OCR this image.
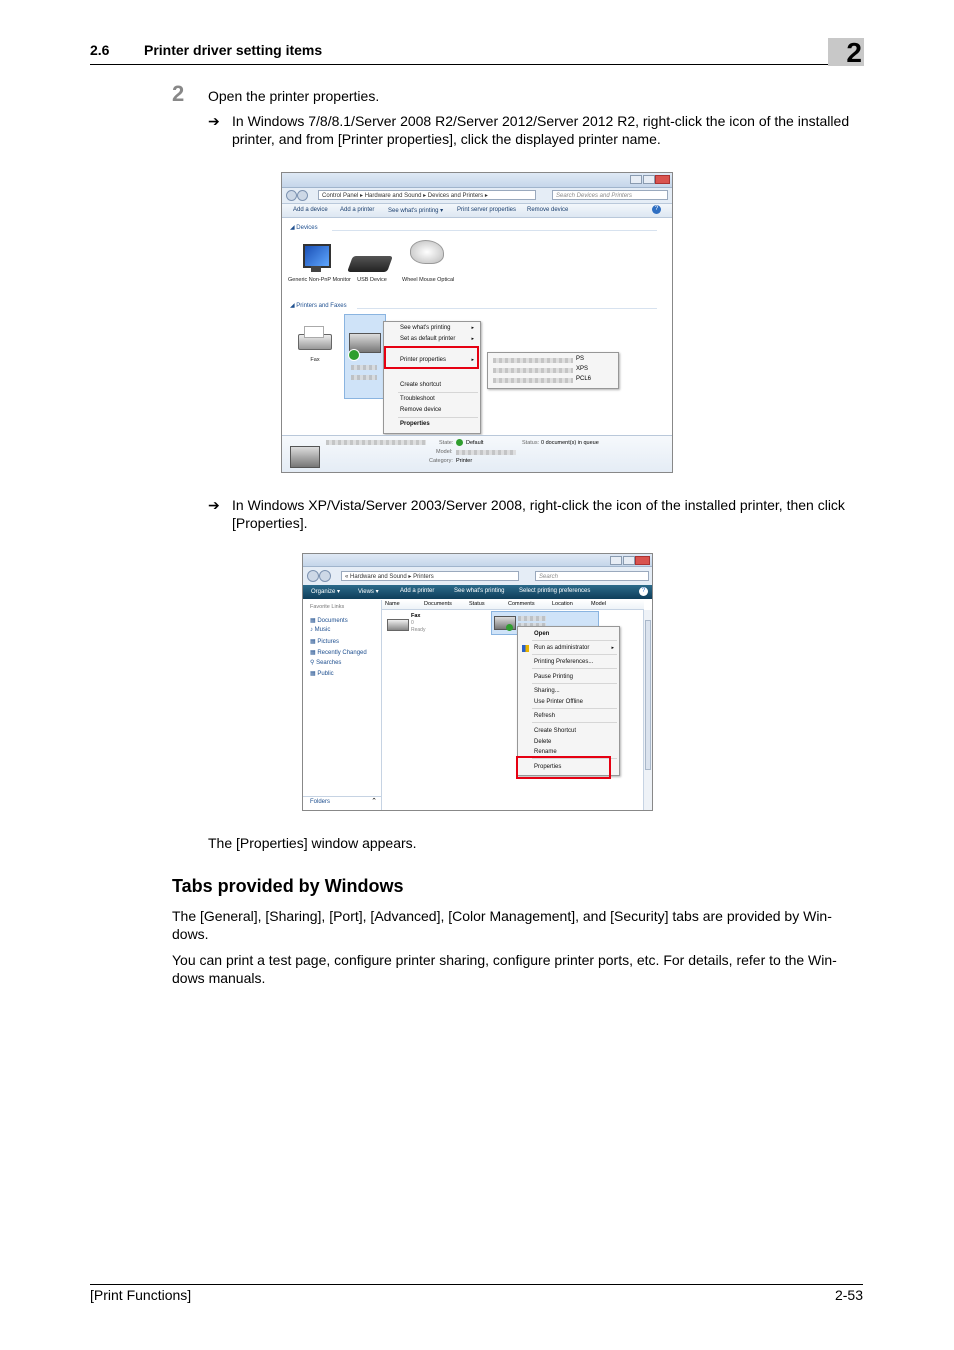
2.6 Printer driver setting items	2
2 Open the printer properties.
➔ In Windows 7/8/8.1/Server 2008 R2/Server 2012/Server 2012 R2, right-click the icon of the installed printer, and from [Printer properties], click the displayed printer name.
Control Panel ▸ Hardware and Sound ▸ Devices and Printers ▸	Search Devices and Printers
Add a device Add a printer See what's printing ▾ Print server properties Remove device	?
◢ Devices
Generic Non-PnP Monitor	USB Device	Wheel Mouse Optical
◢ Printers and Faxes
Fax
See what's printing	▸
Set as default printer	▸
Printer properties	▸
Create shortcut
Troubleshoot
Remove device
Properties
PS
XPS
PCL6
State: Default	Status: 0 document(s) in queue
Model:
Category: Printer
➔ In Windows XP/Vista/Server 2003/Server 2008, right-click the icon of the installed printer, then click [Properties].
« Hardware and Sound ▸ Printers	Search
Organize ▾	Views ▾	Add a printer	See what's printing Select printing preferences	?
Favorite Links
▦ Documents
♪ Music
▦ Pictures
▦ Recently Changed
⚲ Searches
▦ Public
Folders	⌃
Name	Documents	Status	Comments	Location	Model
Fax
0
Ready
Open
Run as administrator	▸
Printing Preferences...
Pause Printing
Sharing...
Use Printer Offline
Refresh
Create Shortcut
Delete
Rename
Properties
The [Properties] window appears.
Tabs provided by Windows
The [General], [Sharing], [Port], [Advanced], [Color Management], and [Security] tabs are provided by Win-dows.
You can print a test page, configure printer sharing, configure printer ports, etc. For details, refer to the Win-dows manuals.
[Print Functions]	2-53
